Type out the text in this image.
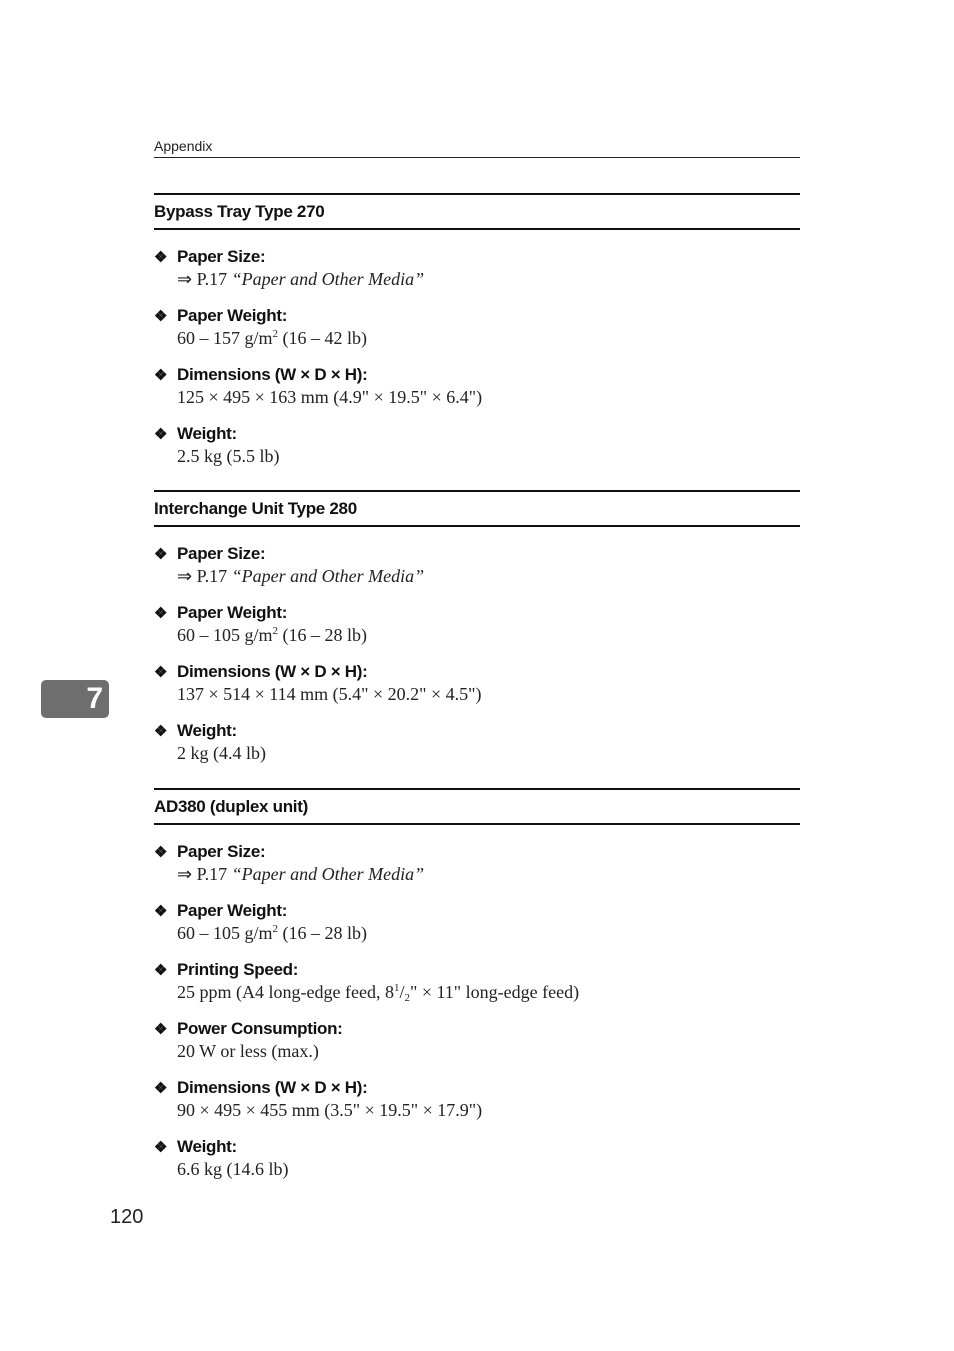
Appendix
Bypass Tray Type 270
❖ Paper Size:
⇒ P.17 “Paper and Other Media”
❖ Paper Weight:
60 – 157 $g/m^2$ (16 – 42 lb)
❖ Dimensions (W × D × H):
125 × 495 × 163 mm (4.9" × 19.5" × 6.4")
❖ Weight:
2.5 kg (5.5 lb)
Interchange Unit Type 280
❖ Paper Size:
⇒ P.17 “Paper and Other Media”
❖ Paper Weight:
60 – 105 $g/m^2$ (16 – 28 lb)
❖ Dimensions (W × D × H):
137 × 514 × 114 mm (5.4" × 20.2" × 4.5")
❖ Weight:
2 kg (4.4 lb)
AD380 (duplex unit)
❖ Paper Size:
⇒ P.17 “Paper and Other Media”
❖ Paper Weight:
60 – 105 $g/m^2$ (16 – 28 lb)
❖ Printing Speed:
25 ppm (A4 long-edge feed, $8^1/_2$" × 11" long-edge feed)
❖ Power Consumption:
20 W or less (max.)
❖ Dimensions (W × D × H):
90 × 495 × 455 mm (3.5" × 19.5" × 17.9")
❖ Weight:
6.6 kg (14.6 lb)
7
120
